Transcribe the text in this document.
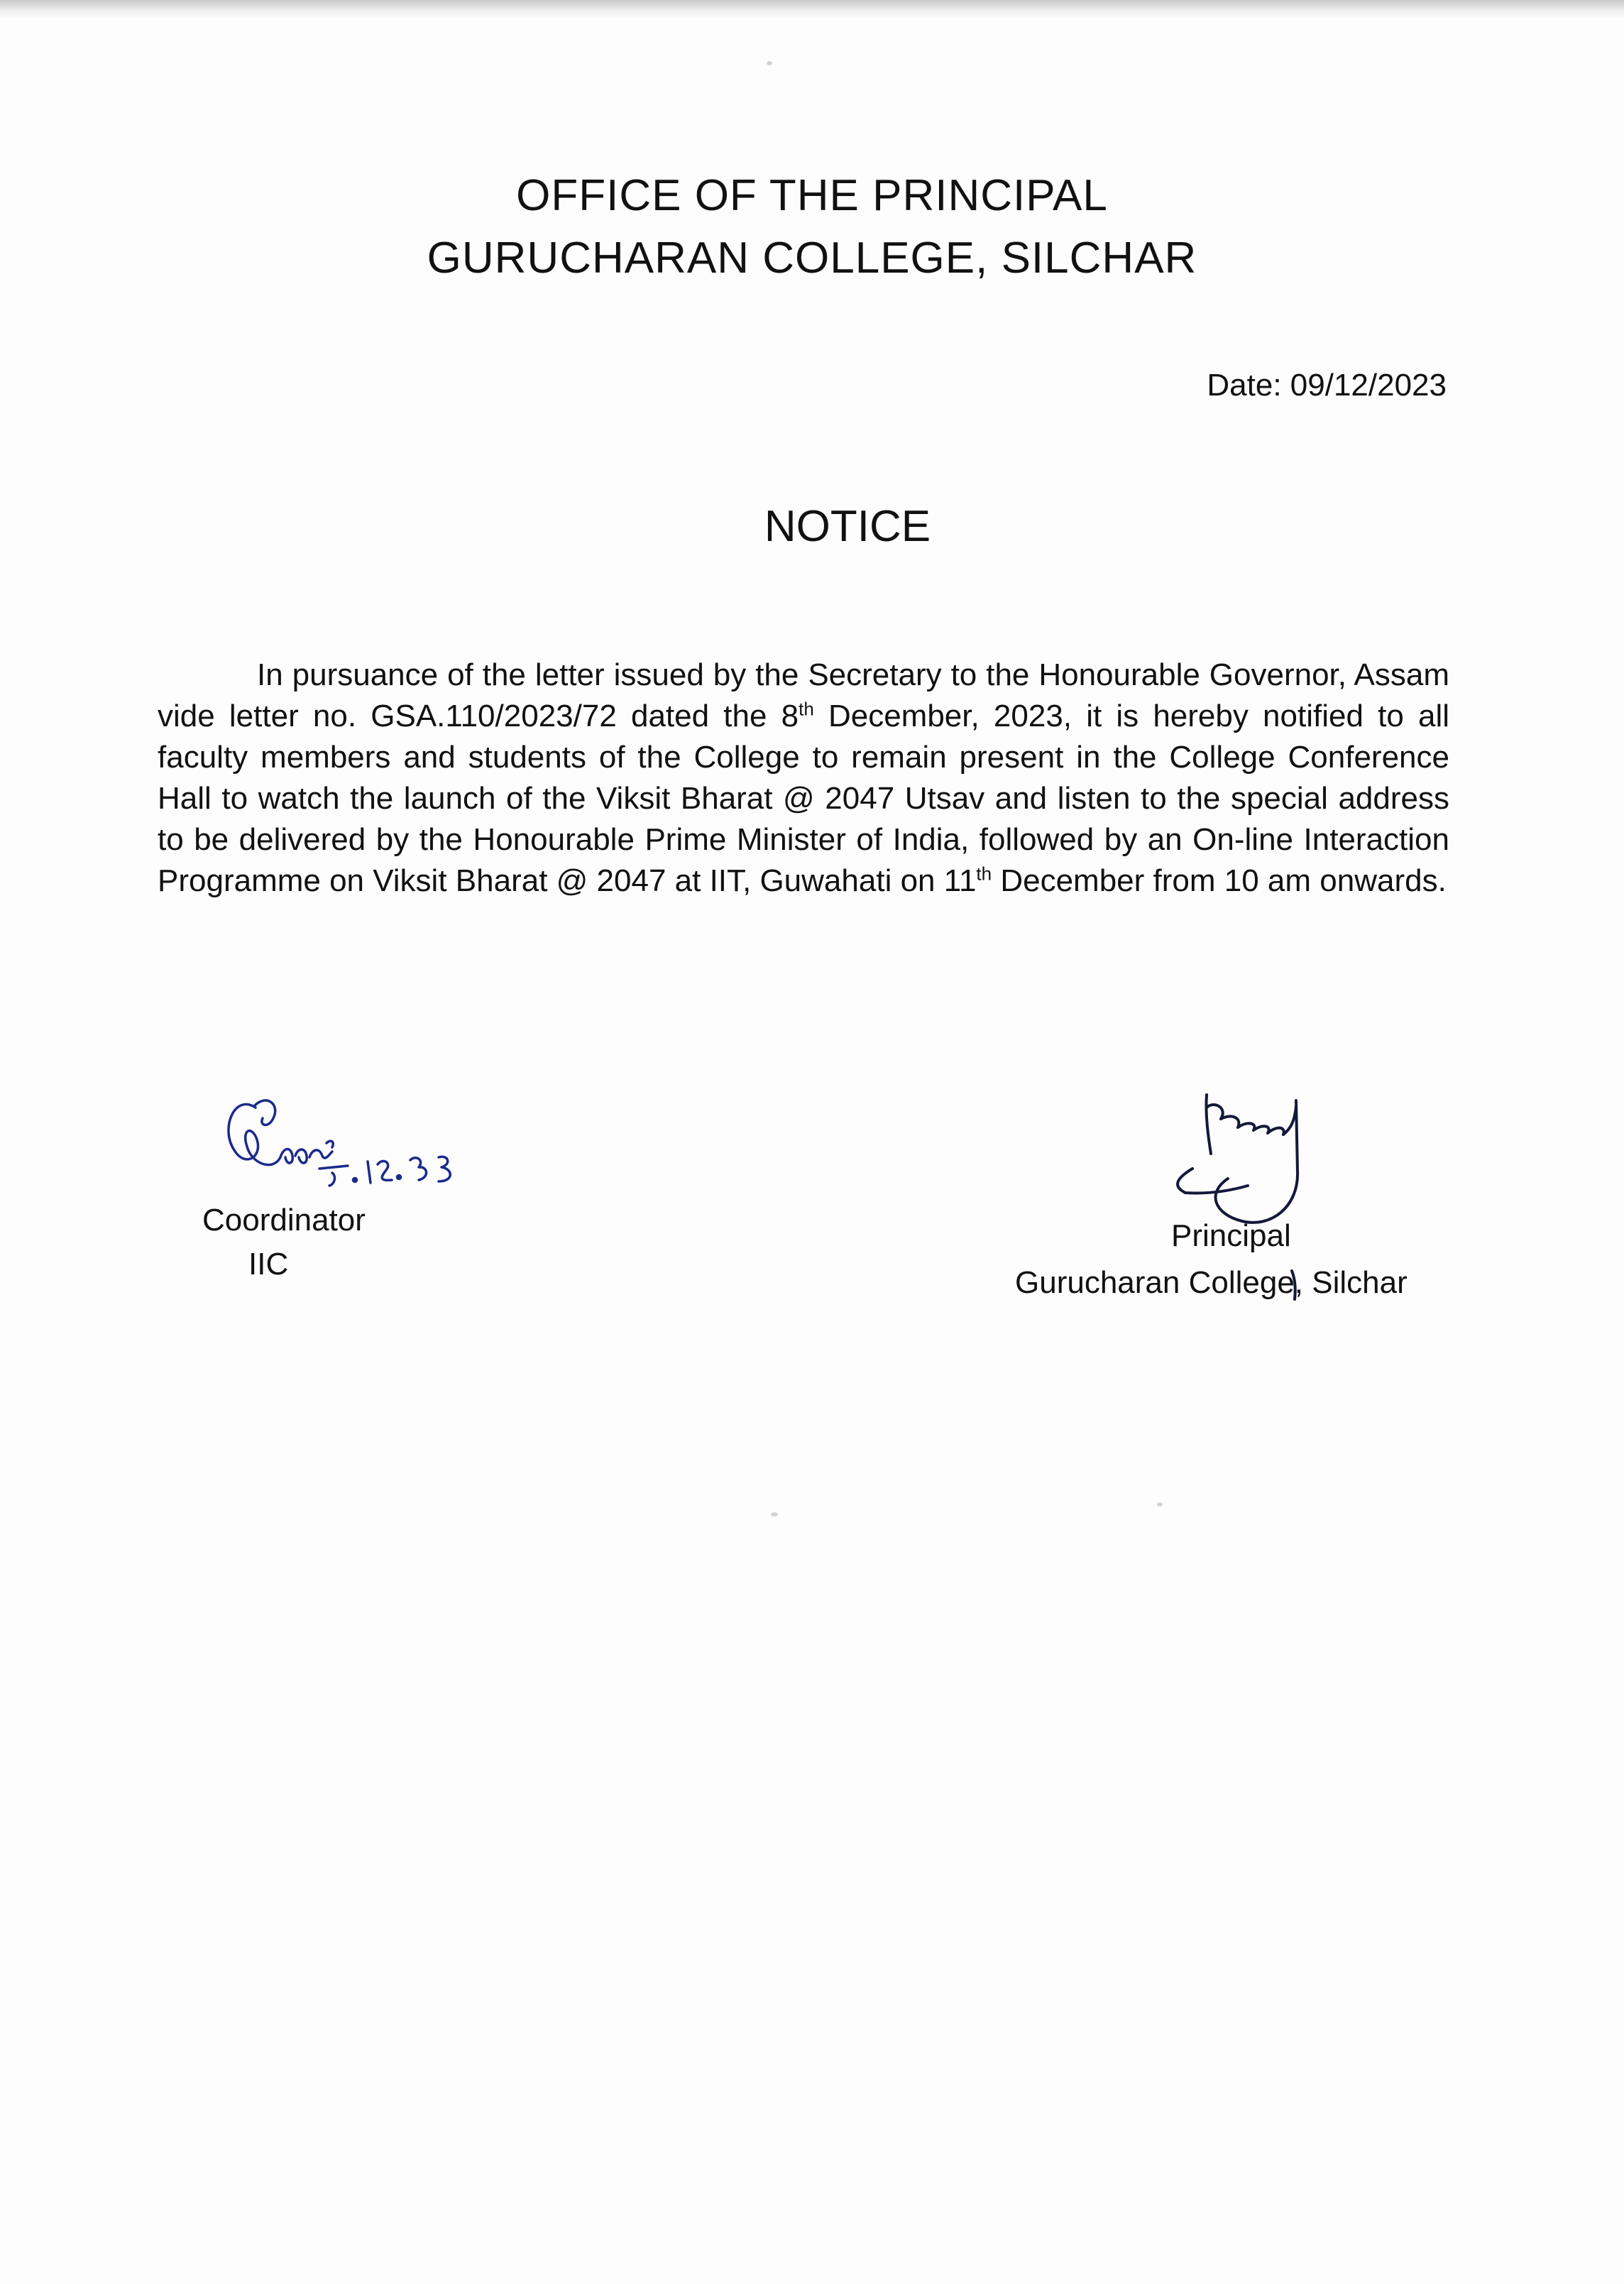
OFFICE OF THE PRINCIPAL
GURUCHARAN COLLEGE, SILCHAR
Date: 09/12/2023
NOTICE
In pursuance of the letter issued by the Secretary to the Honourable Governor, Assam vide letter no. GSA.110/2023/72 dated the 8th December, 2023, it is hereby notified to all faculty members and students of the College to remain present in the College Conference Hall to watch the launch of the Viksit Bharat @ 2047 Utsav and listen to the special address to be delivered by the Honourable Prime Minister of India, followed by an On-line Interaction Programme on Viksit Bharat @ 2047 at IIT, Guwahati on 11th December from 10 am onwards.
Coordinator
IIC
Principal
Gurucharan College, Silchar
